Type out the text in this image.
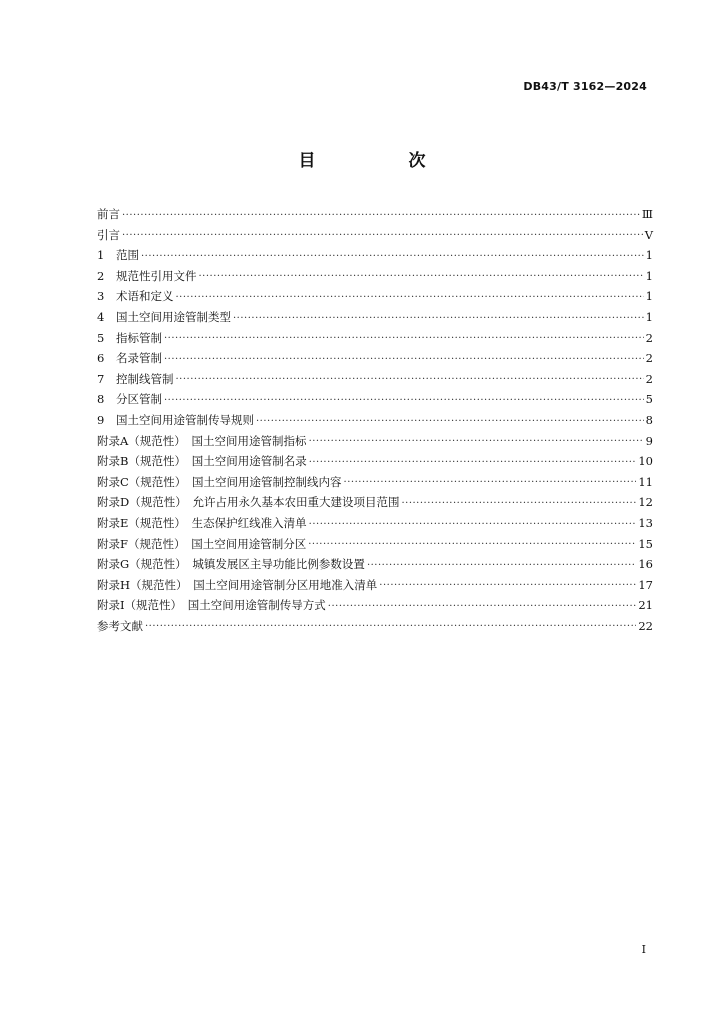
DB43/T 3162—2024
目　次
前言 ·····	Ⅲ
引言 ·····	V
1	范围 ·····	1
2	规范性引用文件 ·····	1
3	术语和定义 ·····	1
4	国土空间用途管制类型 ·····	1
5	指标管制 ·····	2
6	名录管制 ·····	2
7	控制线管制 ·····	2
8	分区管制 ·····	5
9	国土空间用途管制传导规则 ·····	8
附录A（规范性）　国土空间用途管制指标 ·····	9
附录B（规范性）　国土空间用途管制名录 ·····	10
附录C（规范性）　国土空间用途管制控制线内容 ·····	11
附录D（规范性）　允许占用永久基本农田重大建设项目范围 ·····	12
附录E（规范性）　生态保护红线准入清单 ·····	13
附录F（规范性）　国土空间用途管制分区 ·····	15
附录G（规范性）　城镇发展区主导功能比例参数设置 ·····	16
附录H（规范性）　国土空间用途管制分区用地准入清单 ·····	17
附录I（规范性）　国土空间用途管制传导方式 ·····	21
参考文献 ·····	22
I
